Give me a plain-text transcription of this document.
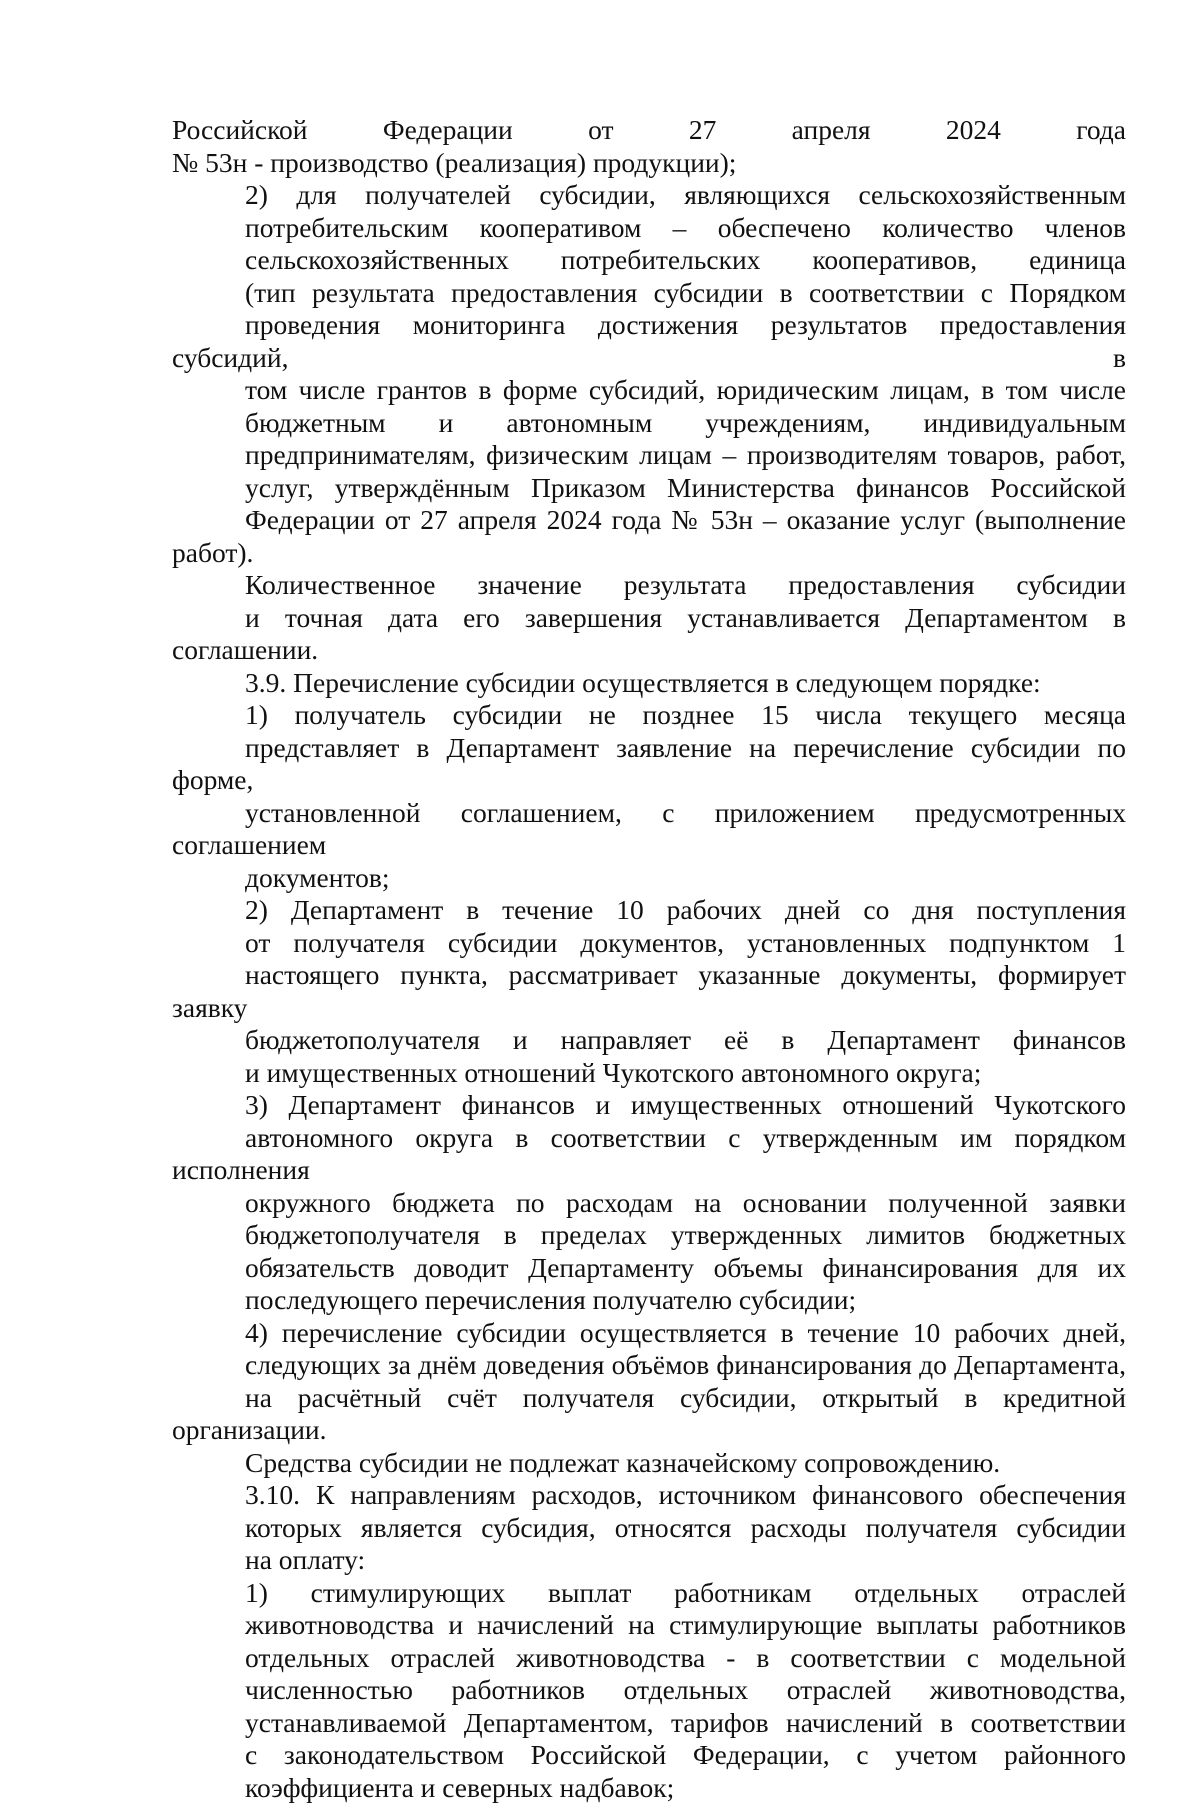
Российской Федерации от 27 апреля 2024 года
№ 53н - производство (реализация) продукции);

2) для получателей субсидии, являющихся сельскохозяйственным
потребительским кооперативом – обеспечено количество членов
сельскохозяйственных потребительских кооперативов, единица
(тип результата предоставления субсидии в соответствии с Порядком
проведения мониторинга достижения результатов предоставления субсидий, в
том числе грантов в форме субсидий, юридическим лицам, в том числе
бюджетным и автономным учреждениям, индивидуальным
предпринимателям, физическим лицам – производителям товаров, работ,
услуг, утверждённым Приказом Министерства финансов Российской
Федерации от 27 апреля 2024 года № 53н – оказание услуг (выполнение работ).

Количественное значение результата предоставления субсидии
и точная дата его завершения устанавливается Департаментом в соглашении.

3.9. Перечисление субсидии осуществляется в следующем порядке:

1) получатель субсидии не позднее 15 числа текущего месяца
представляет в Департамент заявление на перечисление субсидии по форме,
установленной соглашением, с приложением предусмотренных соглашением
документов;

2) Департамент в течение 10 рабочих дней со дня поступления
от получателя субсидии документов, установленных подпунктом 1
настоящего пункта, рассматривает указанные документы, формирует заявку
бюджетополучателя и направляет её в Департамент финансов
и имущественных отношений Чукотского автономного округа;

3) Департамент финансов и имущественных отношений Чукотского
автономного округа в соответствии с утвержденным им порядком исполнения
окружного бюджета по расходам на основании полученной заявки
бюджетополучателя в пределах утвержденных лимитов бюджетных
обязательств доводит Департаменту объемы финансирования для их
последующего перечисления получателю субсидии;

4) перечисление субсидии осуществляется в течение 10 рабочих дней,
следующих за днём доведения объёмов финансирования до Департамента,
на расчётный счёт получателя субсидии, открытый в кредитной организации.

Средства субсидии не подлежат казначейскому сопровождению.

3.10. К направлениям расходов, источником финансового обеспечения
которых является субсидия, относятся расходы получателя субсидии
на оплату:

1) стимулирующих выплат работникам отдельных отраслей
животноводства и начислений на стимулирующие выплаты работников
отдельных отраслей животноводства - в соответствии с модельной
численностью работников отдельных отраслей животноводства,
устанавливаемой Департаментом, тарифов начислений в соответствии
с законодательством Российской Федерации, с учетом районного
коэффициента и северных надбавок;
